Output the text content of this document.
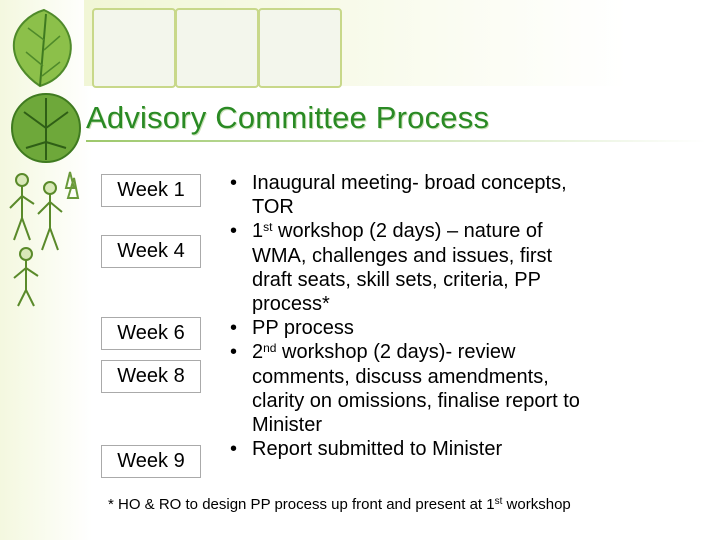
Advisory Committee Process
Week 1
Week 4
Week 6
Week 8
Week 9
• Inaugural meeting- broad concepts,
TOR
• 1st workshop (2 days) – nature of
WMA, challenges and issues, first
draft seats, skill sets, criteria, PP
process*
• PP process
• 2nd workshop (2 days)- review
comments, discuss amendments,
clarity on omissions, finalise report to
Minister
• Report submitted to Minister

* HO & RO to design PP process up front and present at 1st workshop
